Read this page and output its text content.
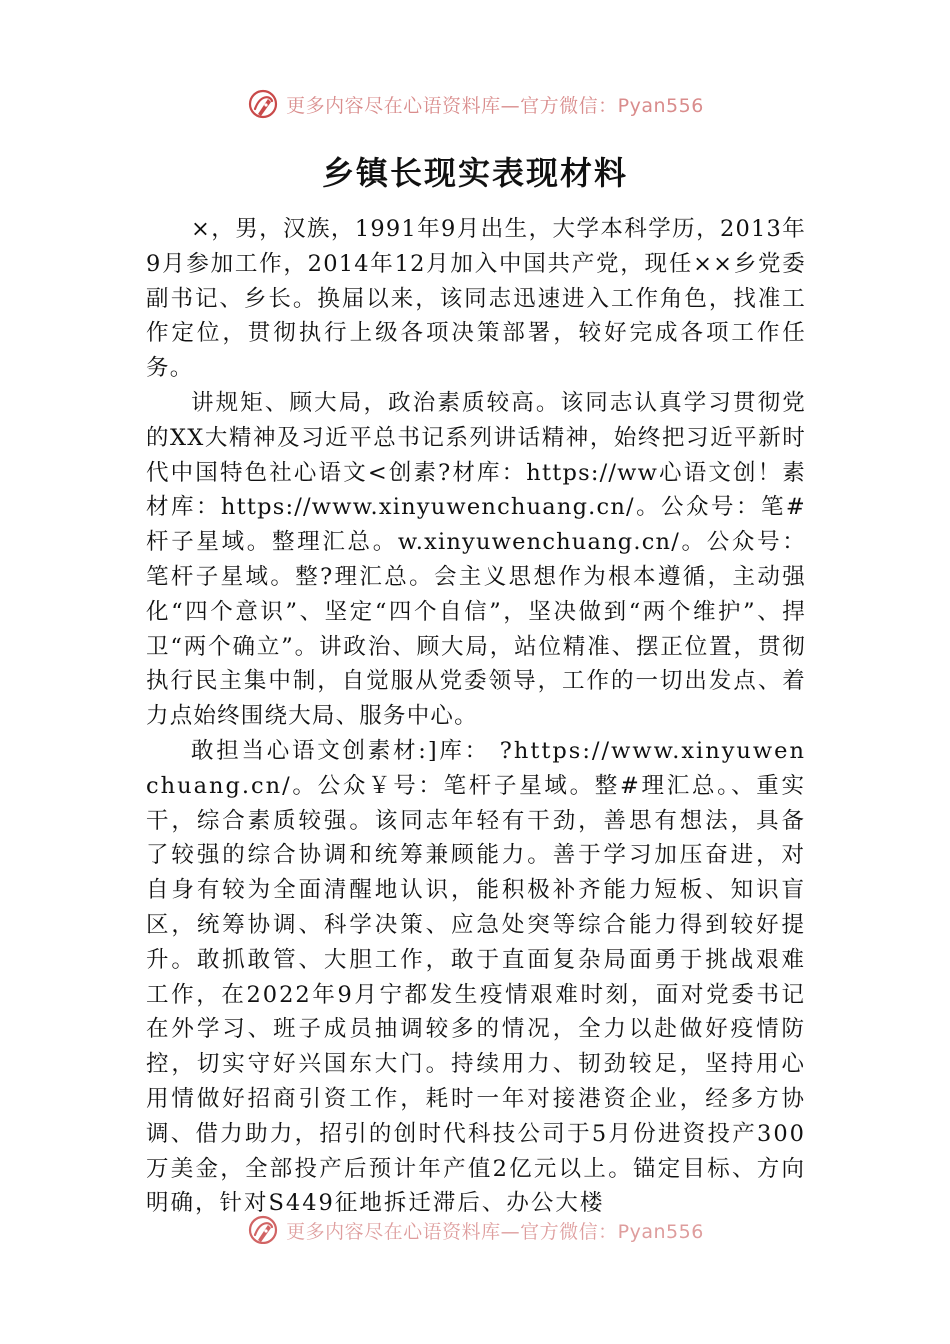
更多内容尽在心语资料库—官方微信：Pyan556
乡镇长现实表现材料

×，男，汉族，1991年9月出生，大学本科学历，2013年9月参加工作，2014年12月加入中国共产党，现任××乡党委副书记、乡长。换届以来，该同志迅速进入工作角色，找准工作定位，贯彻执行上级各项决策部署，较好完成各项工作任务。

讲规矩、顾大局，政治素质较高。该同志认真学习贯彻党的XX大精神及习近平总书记系列讲话精神，始终把习近平新时代中国特色社心语文<创素?材库：https://ww心语文创！素材库：https://www.xinyuwenchuang.cn/。公众号：笔#杆子星域。整理汇总。w.xinyuwenchuang.cn/。公众号：笔杆子星域。整?理汇总。会主义思想作为根本遵循，主动强化“四个意识”、坚定“四个自信”，坚决做到“两个维护”、捍卫“两个确立”。讲政治、顾大局，站位精准、摆正位置，贯彻执行民主集中制，自觉服从党委领导，工作的一切出发点、着力点始终围绕大局、服务中心。

敢担当心语文创素材:]库： ?https://www.xinyuwenchuang.cn/。公众￥号：笔杆子星域。整#理汇总。、重实干，综合素质较强。该同志年轻有干劲，善思有想法，具备了较强的综合协调和统筹兼顾能力。善于学习加压奋进，对自身有较为全面清醒地认识，能积极补齐能力短板、知识盲区，统筹协调、科学决策、应急处突等综合能力得到较好提升。敢抓敢管、大胆工作，敢于直面复杂局面勇于挑战艰难工作，在2022年9月宁都发生疫情艰难时刻，面对党委书记在外学习、班子成员抽调较多的情况，全力以赴做好疫情防控，切实守好兴国东大门。持续用力、韧劲较足，坚持用心用情做好招商引资工作，耗时一年对接港资企业，经多方协调、借力助力，招引的创时代科技公司于5月份进资投产300万美金，全部投产后预计年产值2亿元以上。锚定目标、方向明确，针对S449征地拆迁滞后、办公大楼

更多内容尽在心语资料库—官方微信：Pyan556
